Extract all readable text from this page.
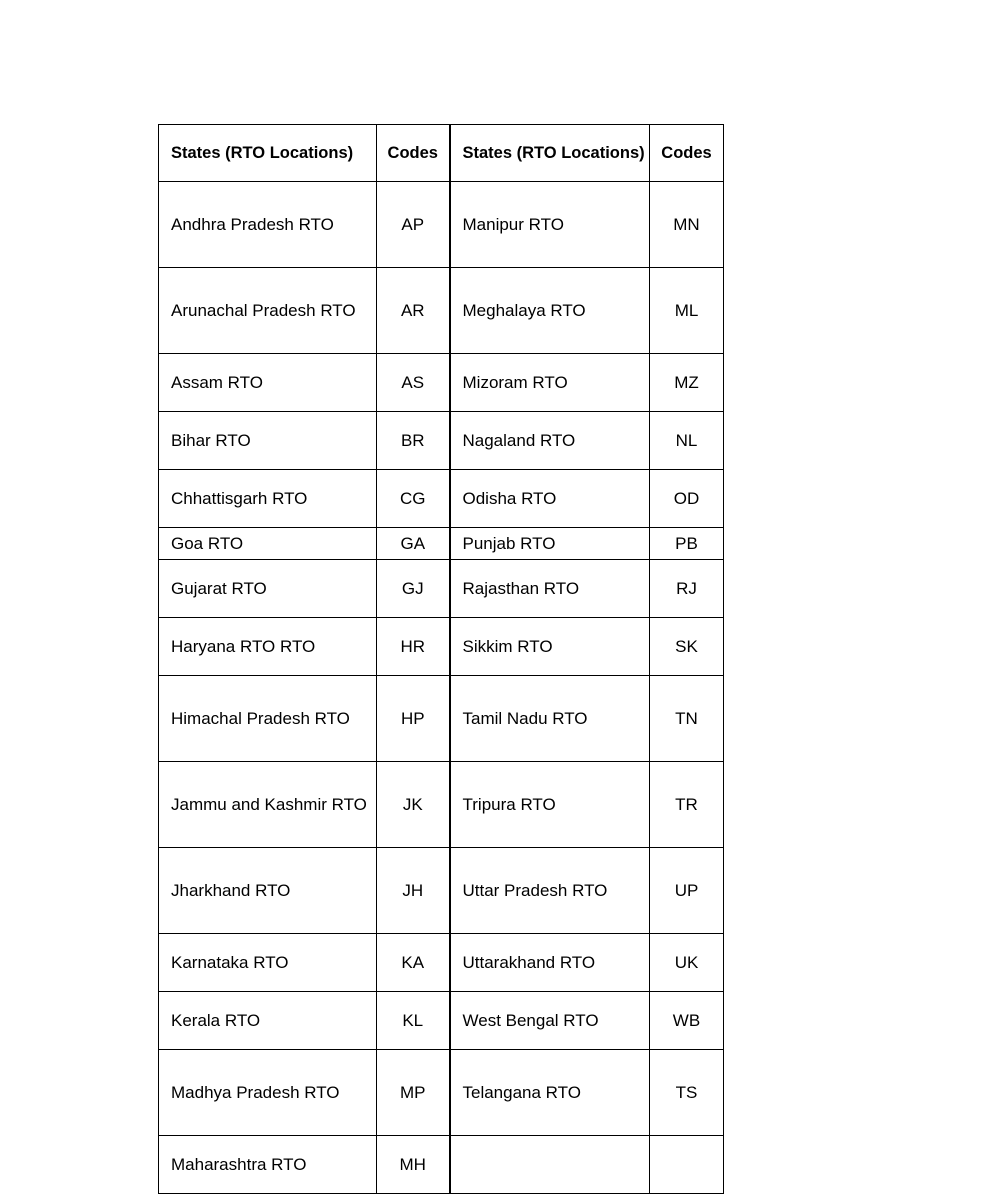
States (RTO Locations)	Codes	States (RTO Locations)	Codes
Andhra Pradesh RTO	AP	Manipur RTO	MN
Arunachal Pradesh RTO	AR	Meghalaya RTO	ML
Assam RTO	AS	Mizoram RTO	MZ
Bihar RTO	BR	Nagaland RTO	NL
Chhattisgarh RTO	CG	Odisha RTO	OD
Goa RTO	GA	Punjab RTO	PB
Gujarat RTO	GJ	Rajasthan RTO	RJ
Haryana RTO RTO	HR	Sikkim RTO	SK
Himachal Pradesh RTO	HP	Tamil Nadu RTO	TN
Jammu and Kashmir RTO	JK	Tripura RTO	TR
Jharkhand RTO	JH	Uttar Pradesh RTO	UP
Karnataka RTO	KA	Uttarakhand RTO	UK
Kerala RTO	KL	West Bengal RTO	WB
Madhya Pradesh RTO	MP	Telangana RTO	TS
Maharashtra RTO	MH		
